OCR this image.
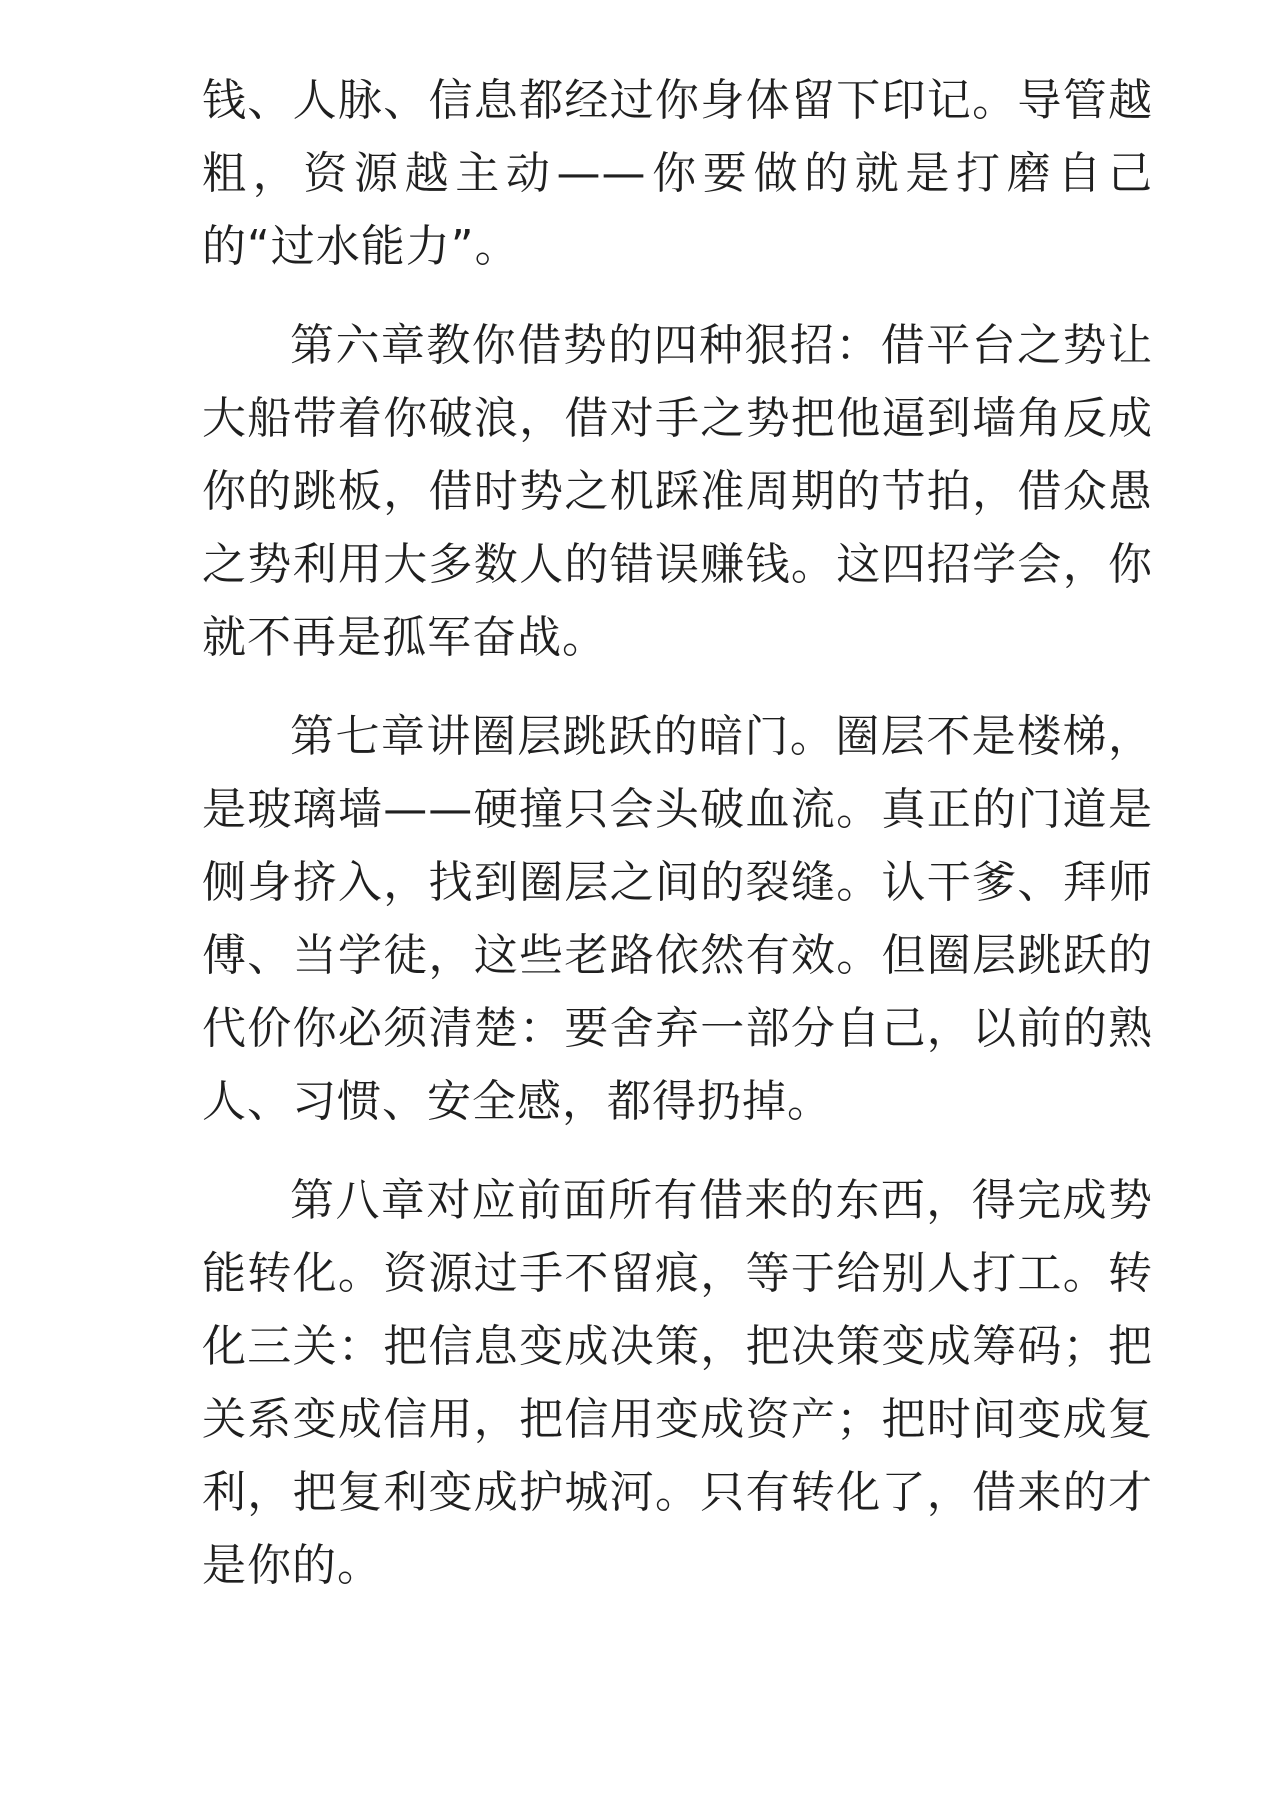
钱、人脉、信息都经过你身体留下印记。导管越粗，资源越主动——你要做的就是打磨自己的“过水能力”。

第六章教你借势的四种狠招：借平台之势让大船带着你破浪，借对手之势把他逼到墙角反成你的跳板，借时势之机踩准周期的节拍，借众愚之势利用大多数人的错误赚钱。这四招学会，你就不再是孤军奋战。

第七章讲圈层跳跃的暗门。圈层不是楼梯，是玻璃墙——硬撞只会头破血流。真正的门道是侧身挤入，找到圈层之间的裂缝。认干爹、拜师傅、当学徒，这些老路依然有效。但圈层跳跃的代价你必须清楚：要舍弃一部分自己，以前的熟人、习惯、安全感，都得扔掉。

第八章对应前面所有借来的东西，得完成势能转化。资源过手不留痕，等于给别人打工。转化三关：把信息变成决策，把决策变成筹码；把关系变成信用，把信用变成资产；把时间变成复利，把复利变成护城河。只有转化了，借来的才是你的。
